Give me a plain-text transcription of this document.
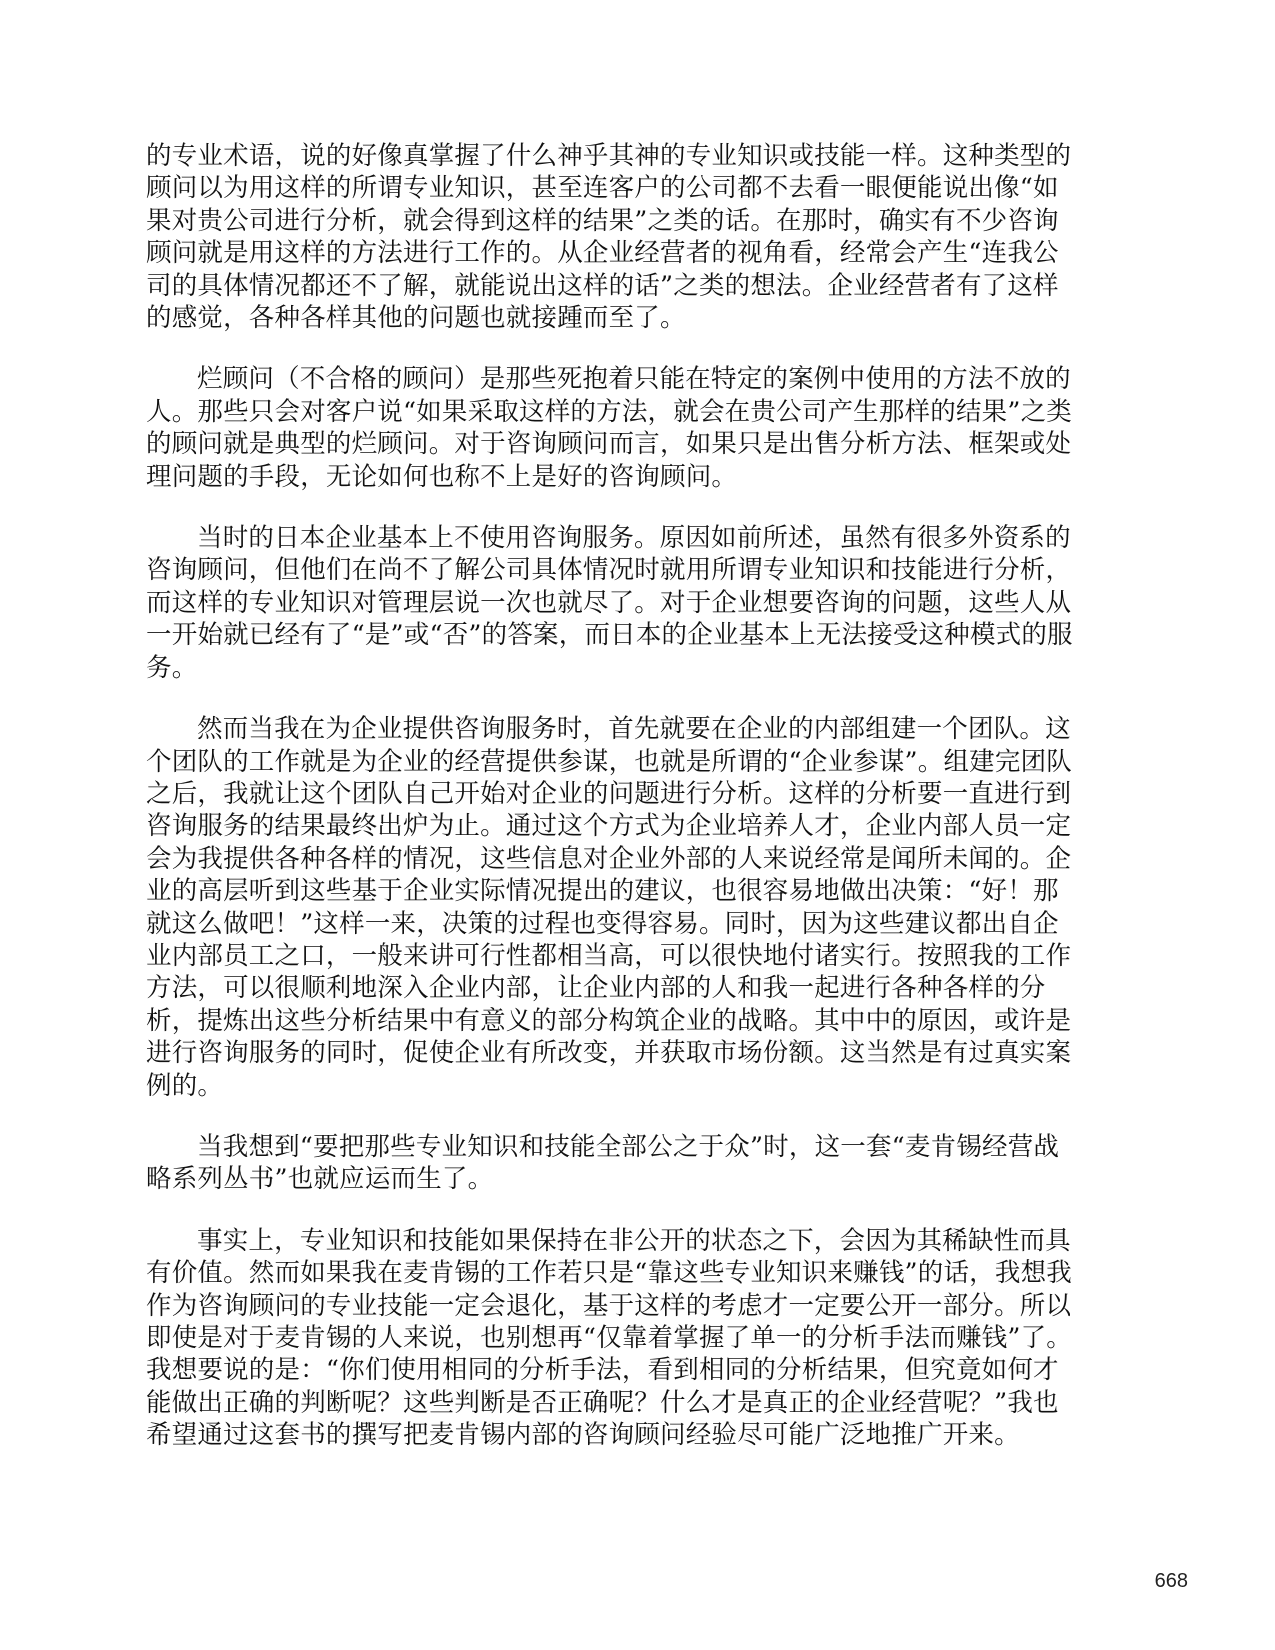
的专业术语，说的好像真掌握了什么神乎其神的专业知识或技能一样。这种类型的顾问以为用这样的所谓专业知识，甚至连客户的公司都不去看一眼便能说出像“如果对贵公司进行分析，就会得到这样的结果”之类的话。在那时，确实有不少咨询顾问就是用这样的方法进行工作的。从企业经营者的视角看，经常会产生“连我公司的具体情况都还不了解，就能说出这样的话”之类的想法。企业经营者有了这样的感觉，各种各样其他的问题也就接踵而至了。

烂顾问（不合格的顾问）是那些死抱着只能在特定的案例中使用的方法不放的人。那些只会对客户说“如果采取这样的方法，就会在贵公司产生那样的结果”之类的顾问就是典型的烂顾问。对于咨询顾问而言，如果只是出售分析方法、框架或处理问题的手段，无论如何也称不上是好的咨询顾问。

当时的日本企业基本上不使用咨询服务。原因如前所述，虽然有很多外资系的咨询顾问，但他们在尚不了解公司具体情况时就用所谓专业知识和技能进行分析，而这样的专业知识对管理层说一次也就尽了。对于企业想要咨询的问题，这些人从一开始就已经有了“是”或“否”的答案，而日本的企业基本上无法接受这种模式的服务。

然而当我在为企业提供咨询服务时，首先就要在企业的内部组建一个团队。这个团队的工作就是为企业的经营提供参谋，也就是所谓的“企业参谋”。组建完团队之后，我就让这个团队自己开始对企业的问题进行分析。这样的分析要一直进行到咨询服务的结果最终出炉为止。通过这个方式为企业培养人才，企业内部人员一定会为我提供各种各样的情况，这些信息对企业外部的人来说经常是闻所未闻的。企业的高层听到这些基于企业实际情况提出的建议，也很容易地做出决策：“好！那就这么做吧！”这样一来，决策的过程也变得容易。同时，因为这些建议都出自企业内部员工之口，一般来讲可行性都相当高，可以很快地付诸实行。按照我的工作方法，可以很顺利地深入企业内部，让企业内部的人和我一起进行各种各样的分析，提炼出这些分析结果中有意义的部分构筑企业的战略。其中中的原因，或许是进行咨询服务的同时，促使企业有所改变，并获取市场份额。这当然是有过真实案例的。

当我想到“要把那些专业知识和技能全部公之于众”时，这一套“麦肯锡经营战略系列丛书”也就应运而生了。

事实上，专业知识和技能如果保持在非公开的状态之下，会因为其稀缺性而具有价值。然而如果我在麦肯锡的工作若只是“靠这些专业知识来赚钱”的话，我想我作为咨询顾问的专业技能一定会退化，基于这样的考虑才一定要公开一部分。所以即使是对于麦肯锡的人来说，也别想再“仅靠着掌握了单一的分析手法而赚钱”了。我想要说的是：“你们使用相同的分析手法，看到相同的分析结果，但究竟如何才能做出正确的判断呢？这些判断是否正确呢？什么才是真正的企业经营呢？”我也希望通过这套书的撰写把麦肯锡内部的咨询顾问经验尽可能广泛地推广开来。

668
